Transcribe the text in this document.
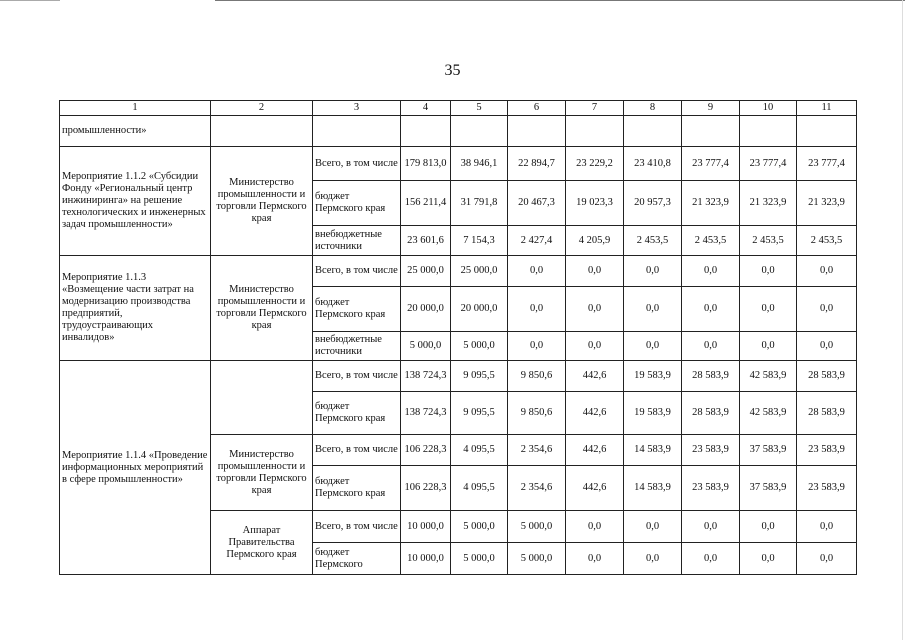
35
1	2	3	4	5	6	7	8	9	10	11
промышленности»										
Мероприятие 1.1.2 «Субсидии Фонду «Региональный центр инжиниринга» на решение технологических и инженерных задач промышленности»	Министерство промышленности и торговли Пермского края	Всего, в том числе	179 813,0	38 946,1	22 894,7	23 229,2	23 410,8	23 777,4	23 777,4	23 777,4
		бюджет Пермского края	156 211,4	31 791,8	20 467,3	19 023,3	20 957,3	21 323,9	21 323,9	21 323,9
		внебюджетные источники	23 601,6	7 154,3	2 427,4	4 205,9	2 453,5	2 453,5	2 453,5	2 453,5
Мероприятие 1.1.3 «Возмещение части затрат на модернизацию производства предприятий, трудоустраивающих инвалидов»	Министерство промышленности и торговли Пермского края	Всего, в том числе	25 000,0	25 000,0	0,0	0,0	0,0	0,0	0,0	0,0
		бюджет Пермского края	20 000,0	20 000,0	0,0	0,0	0,0	0,0	0,0	0,0
		внебюджетные источники	5 000,0	5 000,0	0,0	0,0	0,0	0,0	0,0	0,0
Мероприятие 1.1.4 «Проведение информационных мероприятий в сфере промышленности»		Всего, в том числе	138 724,3	9 095,5	9 850,6	442,6	19 583,9	28 583,9	42 583,9	28 583,9
		бюджет Пермского края	138 724,3	9 095,5	9 850,6	442,6	19 583,9	28 583,9	42 583,9	28 583,9
	Министерство промышленности и торговли Пермского края	Всего, в том числе	106 228,3	4 095,5	2 354,6	442,6	14 583,9	23 583,9	37 583,9	23 583,9
		бюджет Пермского края	106 228,3	4 095,5	2 354,6	442,6	14 583,9	23 583,9	37 583,9	23 583,9
	Аппарат Правительства Пермского края	Всего, в том числе	10 000,0	5 000,0	5 000,0	0,0	0,0	0,0	0,0	0,0
		бюджет Пермского	10 000,0	5 000,0	5 000,0	0,0	0,0	0,0	0,0	0,0
